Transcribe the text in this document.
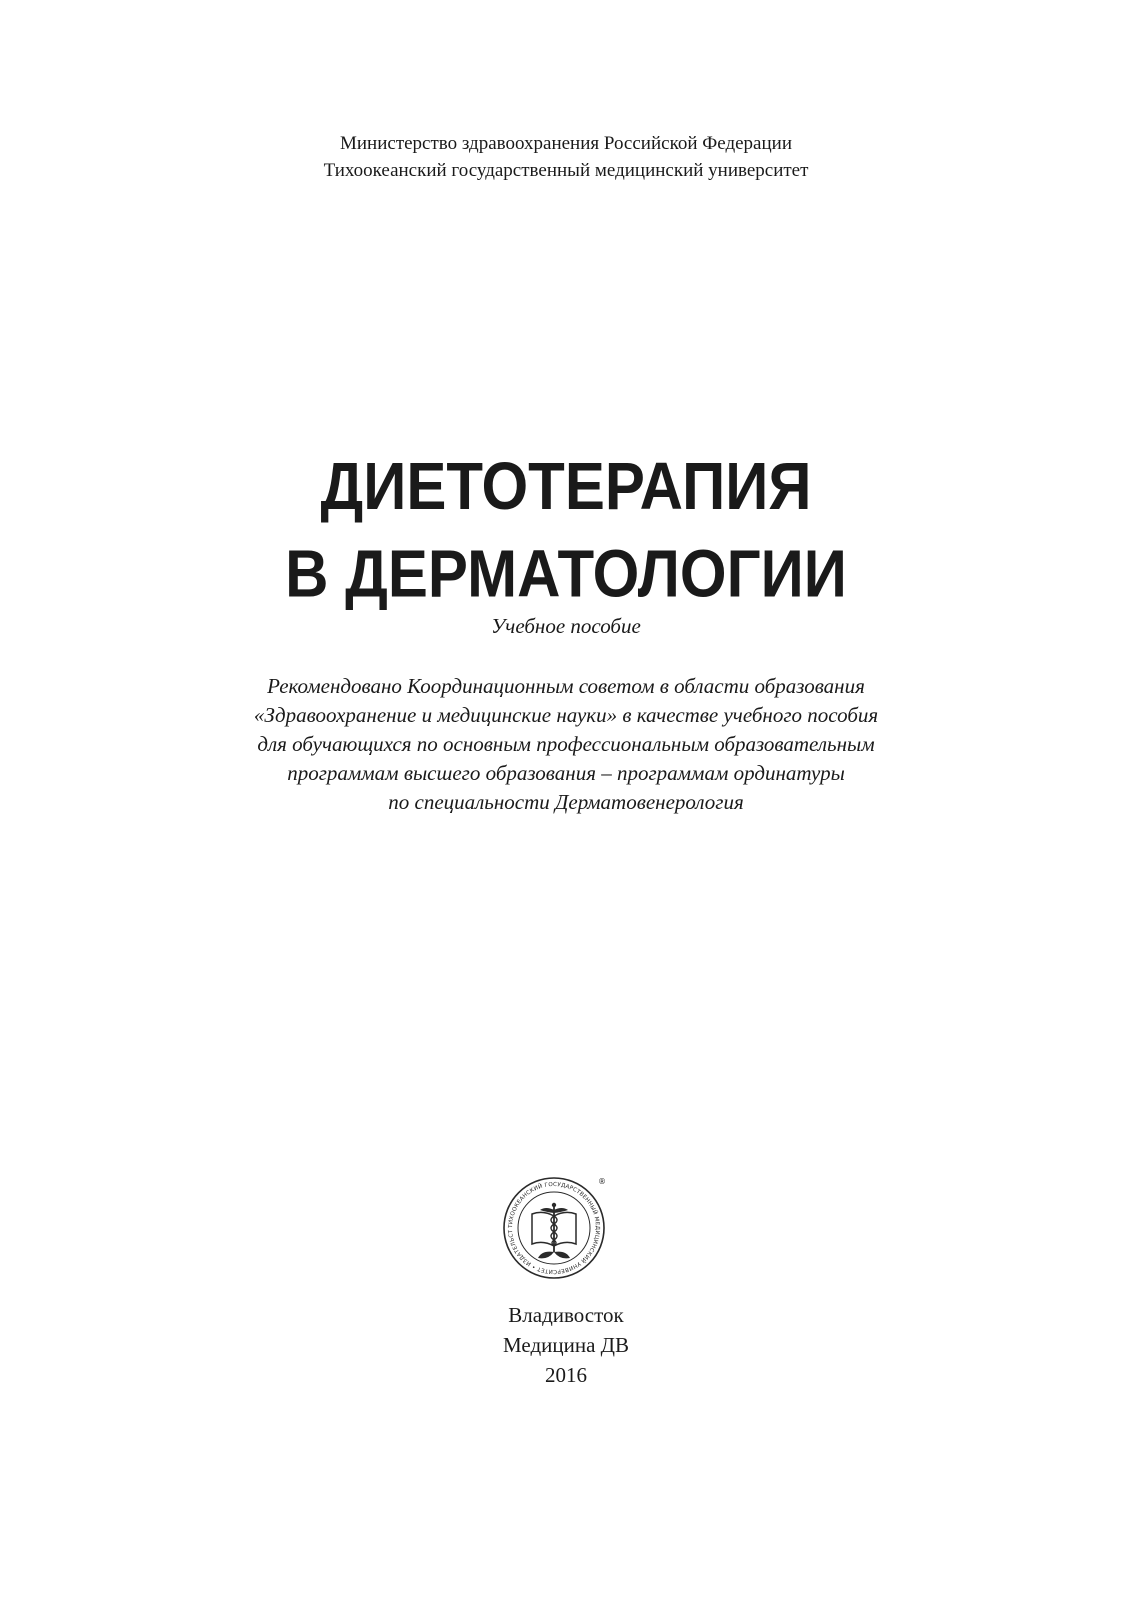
Министерство здравоохранения Российской Федерации
Тихоокеанский государственный медицинский университет
ДИЕТОТЕРАПИЯ
В ДЕРМАТОЛОГИИ
Учебное пособие
Рекомендовано Координационным советом в области образования
«Здравоохранение и медицинские науки» в качестве учебного пособия
для обучающихся по основным профессиональным образовательным
программам высшего образования – программам ординатуры
по специальности Дерматовенерология
ТИХООКЕАНСКИЙ ГОСУДАРСТВЕННЫЙ МЕДИЦИНСКИЙ УНИВЕРСИТЕТ • ИЗДАТЕЛЬСТ
®
Владивосток
Медицина ДВ
2016
